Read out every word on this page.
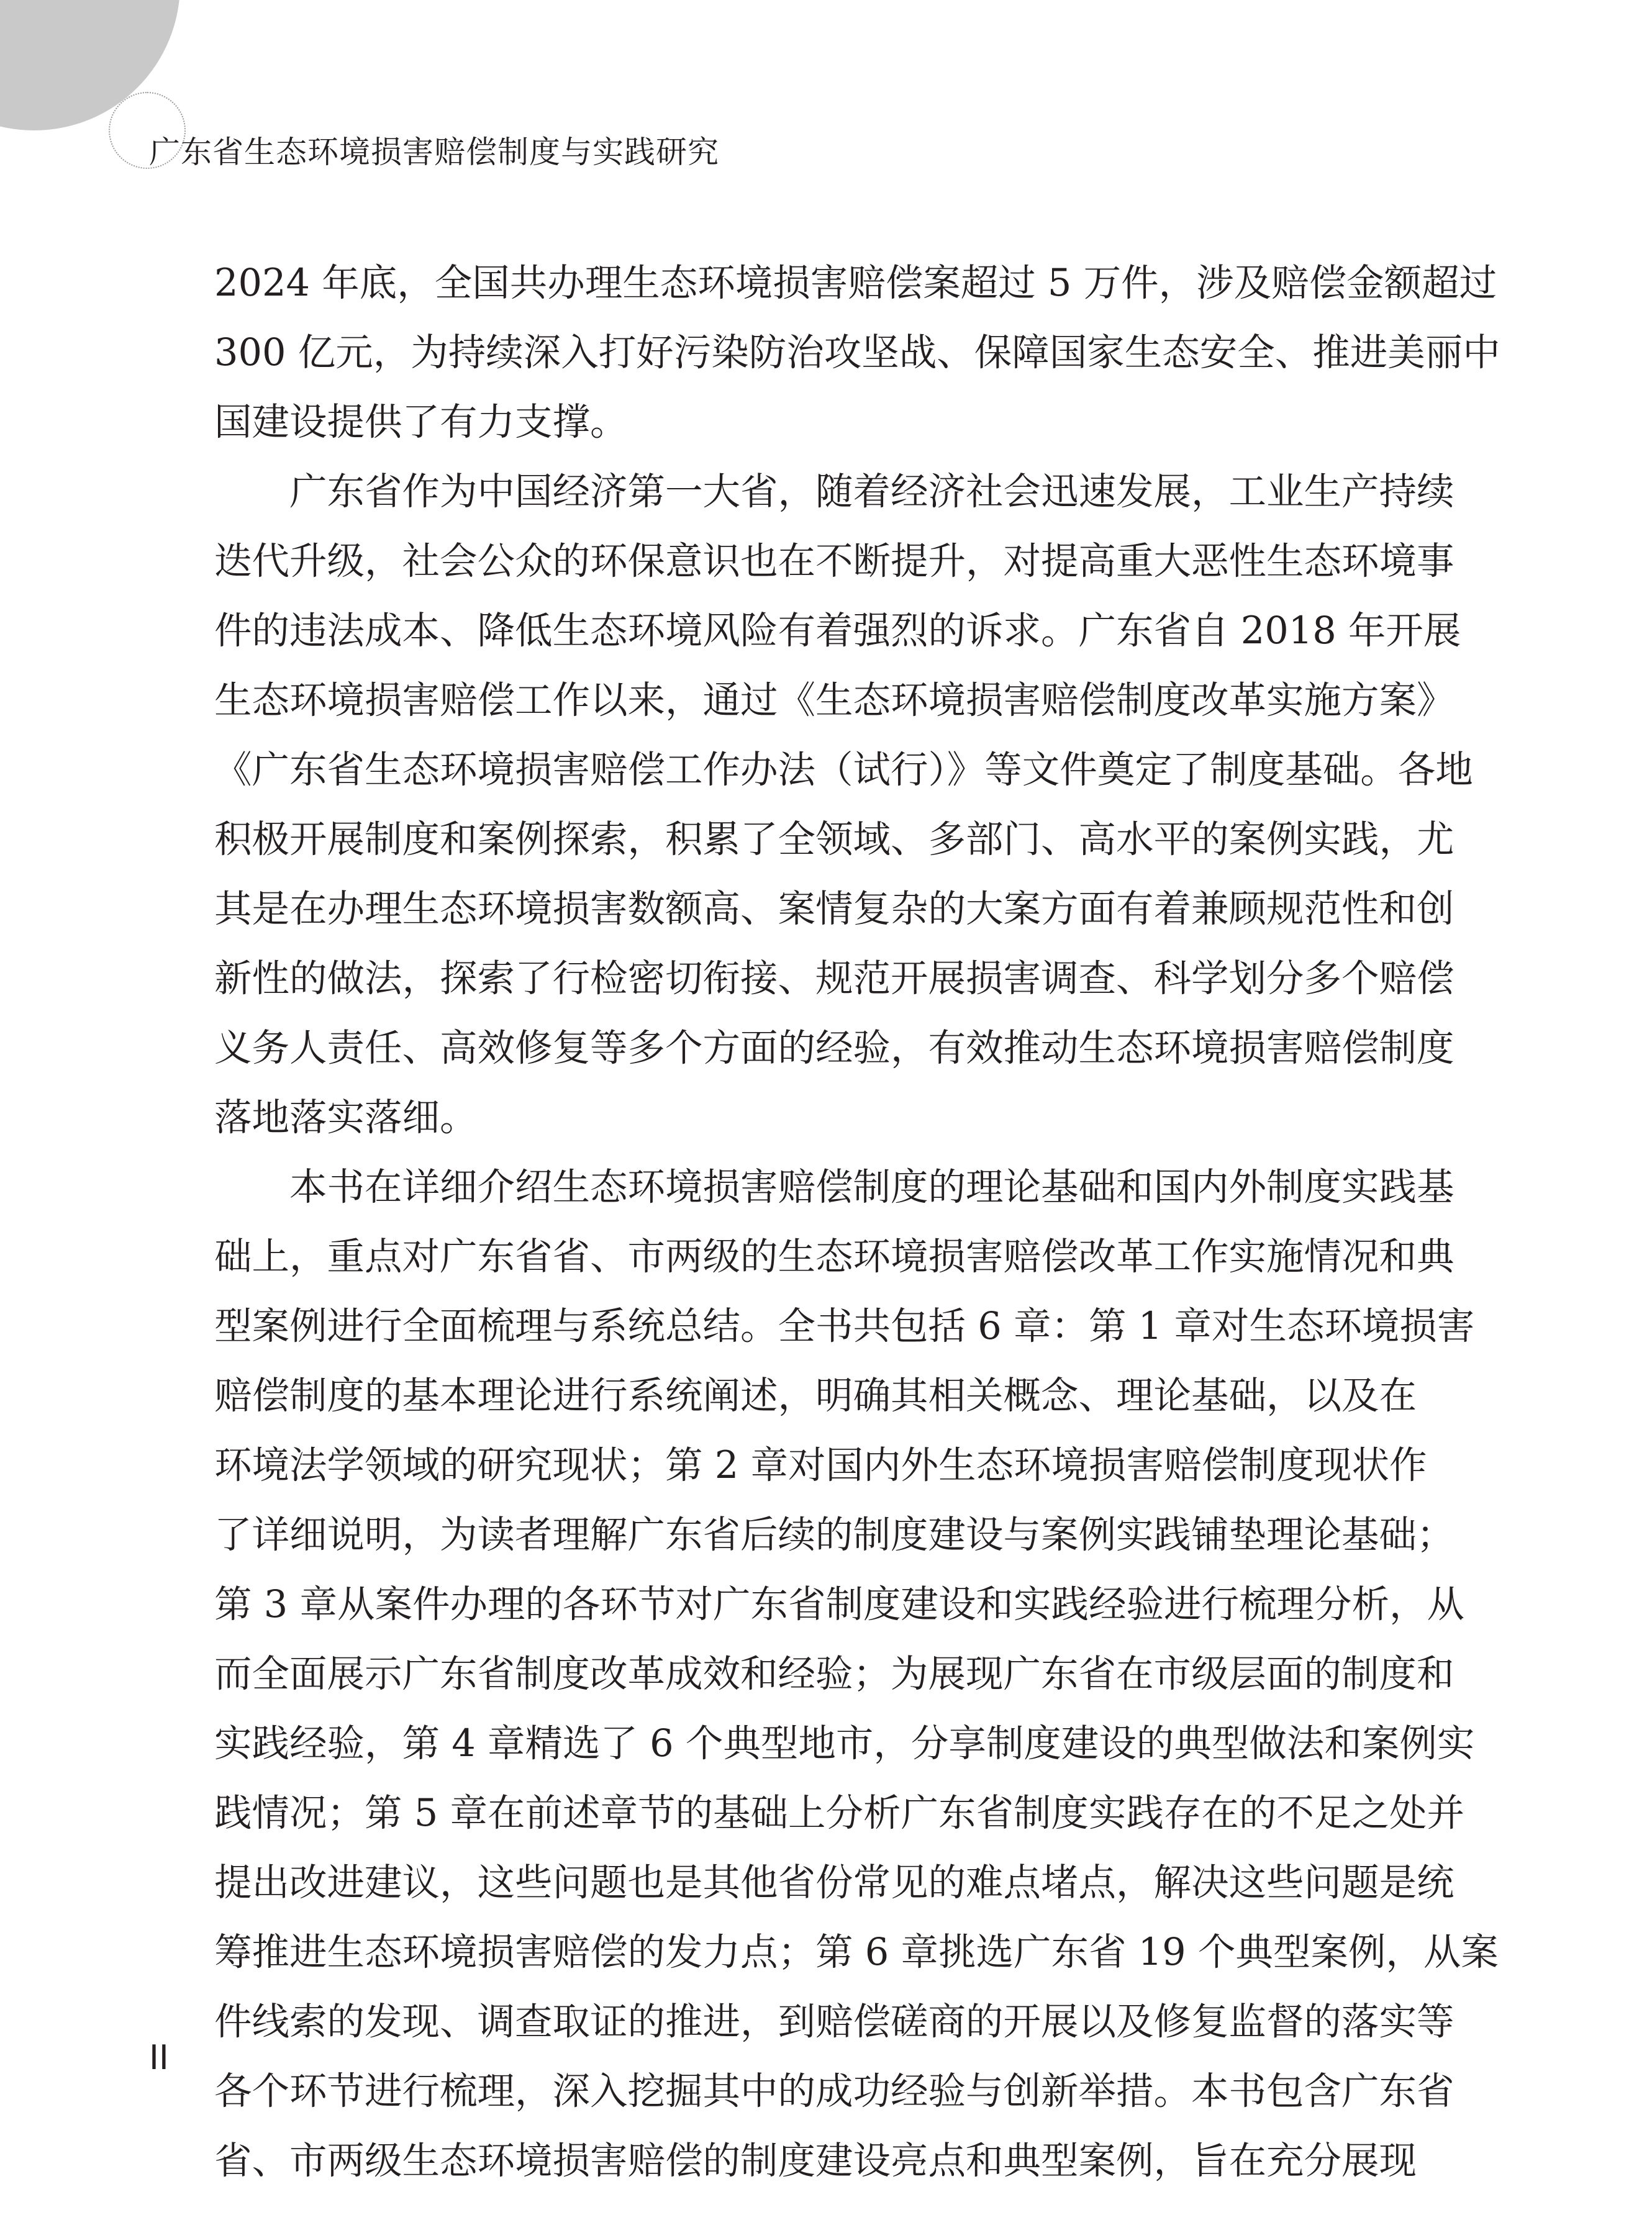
广东省生态环境损害赔偿制度与实践研究
2024 年底，全国共办理生态环境损害赔偿案超过 5 万件，涉及赔偿金额超过
300 亿元，为持续深入打好污染防治攻坚战、保障国家生态安全、推进美丽中
国建设提供了有力支撑。
　　广东省作为中国经济第一大省，随着经济社会迅速发展，工业生产持续
迭代升级，社会公众的环保意识也在不断提升，对提高重大恶性生态环境事
件的违法成本、降低生态环境风险有着强烈的诉求。广东省自 2018 年开展
生态环境损害赔偿工作以来，通过《生态环境损害赔偿制度改革实施方案》
《广东省生态环境损害赔偿工作办法（试行）》等文件奠定了制度基础。各地
积极开展制度和案例探索，积累了全领域、多部门、高水平的案例实践，尤
其是在办理生态环境损害数额高、案情复杂的大案方面有着兼顾规范性和创
新性的做法，探索了行检密切衔接、规范开展损害调查、科学划分多个赔偿
义务人责任、高效修复等多个方面的经验，有效推动生态环境损害赔偿制度
落地落实落细。
　　本书在详细介绍生态环境损害赔偿制度的理论基础和国内外制度实践基
础上，重点对广东省省、市两级的生态环境损害赔偿改革工作实施情况和典
型案例进行全面梳理与系统总结。全书共包括 6 章：第 1 章对生态环境损害
赔偿制度的基本理论进行系统阐述，明确其相关概念、理论基础，以及在
环境法学领域的研究现状；第 2 章对国内外生态环境损害赔偿制度现状作
了详细说明，为读者理解广东省后续的制度建设与案例实践铺垫理论基础；
第 3 章从案件办理的各环节对广东省制度建设和实践经验进行梳理分析，从
而全面展示广东省制度改革成效和经验；为展现广东省在市级层面的制度和
实践经验，第 4 章精选了 6 个典型地市，分享制度建设的典型做法和案例实
践情况；第 5 章在前述章节的基础上分析广东省制度实践存在的不足之处并
提出改进建议，这些问题也是其他省份常见的难点堵点，解决这些问题是统
筹推进生态环境损害赔偿的发力点；第 6 章挑选广东省 19 个典型案例，从案
件线索的发现、调查取证的推进，到赔偿磋商的开展以及修复监督的落实等
各个环节进行梳理，深入挖掘其中的成功经验与创新举措。本书包含广东省
省、市两级生态环境损害赔偿的制度建设亮点和典型案例，旨在充分展现
II
